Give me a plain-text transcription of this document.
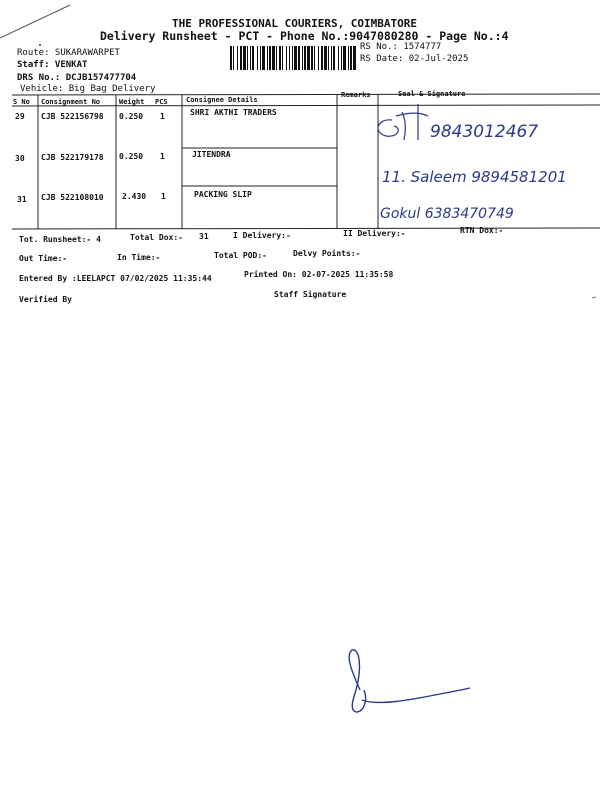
THE PROFESSIONAL COURIERS, COIMBATORE
Delivery Runsheet - PCT - Phone No.:9047080280 - Page No.:4
Route: SUKARAWARPET
Staff: VENKAT
DRS No.: DCJB157477704
Vehicle: Big Bag Delivery
RS No.: 1574777
RS Date: 02-Jul-2025
S No Consignment No	Weight PCS	Consignee Details
Remarks	Seal & Signature
29 CJB 522156798 0.250 1	SHRI AKTHI TRADERS
30 CJB 522179178 0.250 1	JITENDRA
31 CJB 522108010 2.430 1	PACKING SLIP
Tot. Runsheet:- 4	Total Dox:- 31	I Delivery:-	II Delivery:-	RTN Dox:-
Out Time:-	In Time:-	Total POD:-	Delvy Points:-
Entered By :LEELAPCT 07/02/2025 11:35:44	Printed On: 02-07-2025 11:35:58
Verified By
Staff Signature
9843012467
11. Saleem 9894581201
Gokul 6383470749
